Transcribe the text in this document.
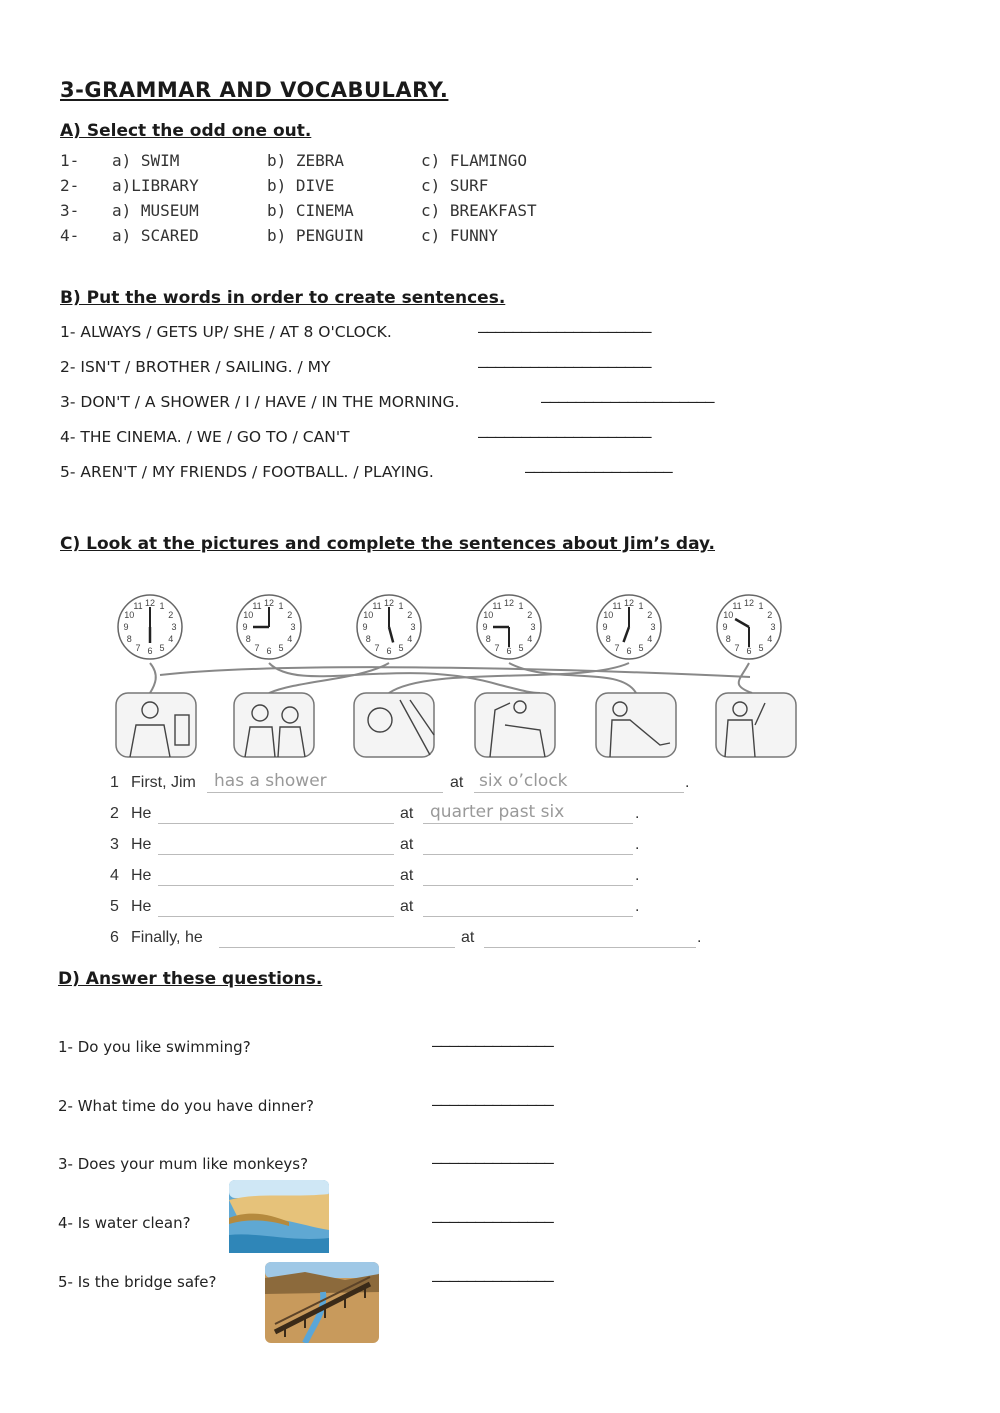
3-GRAMMAR AND VOCABULARY.
A) Select the odd one out.
1- a) SWIM	b) ZEBRA	c) FLAMINGO
2- a)LIBRARY	b) DIVE	c) SURF
3- a) MUSEUM	b) CINEMA	c) BREAKFAST
4- a) SCARED	b) PENGUIN	c) FUNNY
B) Put the words in order to create sentences.
1- ALWAYS / GETS UP/ SHE / AT 8 O'CLOCK.	————————————————————
2- ISN'T / BROTHER / SAILING. / MY	————————————————————
3- DON'T / A SHOWER / I / HAVE / IN THE MORNING.	————————————————————
4- THE CINEMA. / WE / GO TO / CAN'T	————————————————————
5- AREN'T / MY FRIENDS / FOOTBALL. / PLAYING.	—————————————————
C) Look at the pictures and complete the sentences about Jim’s day.
12 1
2
3
4
5
6
7
8
9
10
11	12 1
2
3
4
5
6
7
8
9
10
11	12 1
2
3
4
5
6
7
8
9
10
11	12 1
2
3
4
5
6
7
8
9
10
11	12 1
2
3
4
5
6
7
8
9
10
11	12 1
2
3
4
5
6
7
8
9
10
11
1 First, Jim has a shower	at six o’clock	.
2 He	at quarter past six	.
3 He	at	.
4 He	at	.
5 He	at	.
6 Finally, he	at	.
D) Answer these questions.
1- Do you like swimming?	——————————————
2- What time do you have dinner?	——————————————
3- Does your mum like monkeys?	——————————————
4- Is water clean?	——————————————
5- Is the bridge safe?	——————————————
